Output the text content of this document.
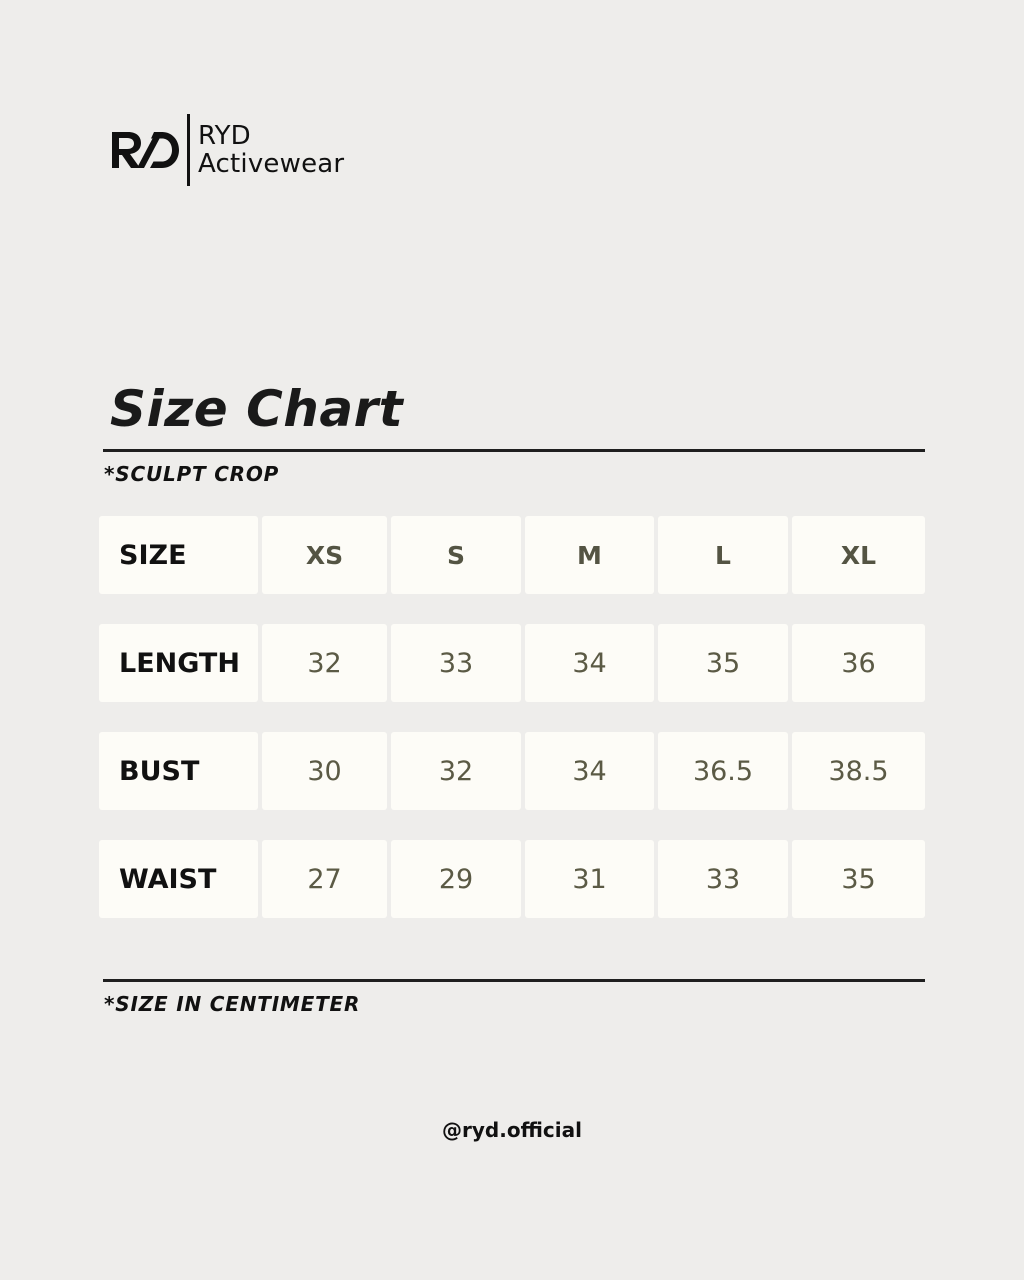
RYD
Activewear
Size Chart

*SCULPT CROP

SIZE	XS	S	M	L	XL
LENGTH	32	33	34	35	36
BUST	30	32	34	36.5	38.5
WAIST	27	29	31	33	35

*SIZE IN CENTIMETER

@ryd.official
